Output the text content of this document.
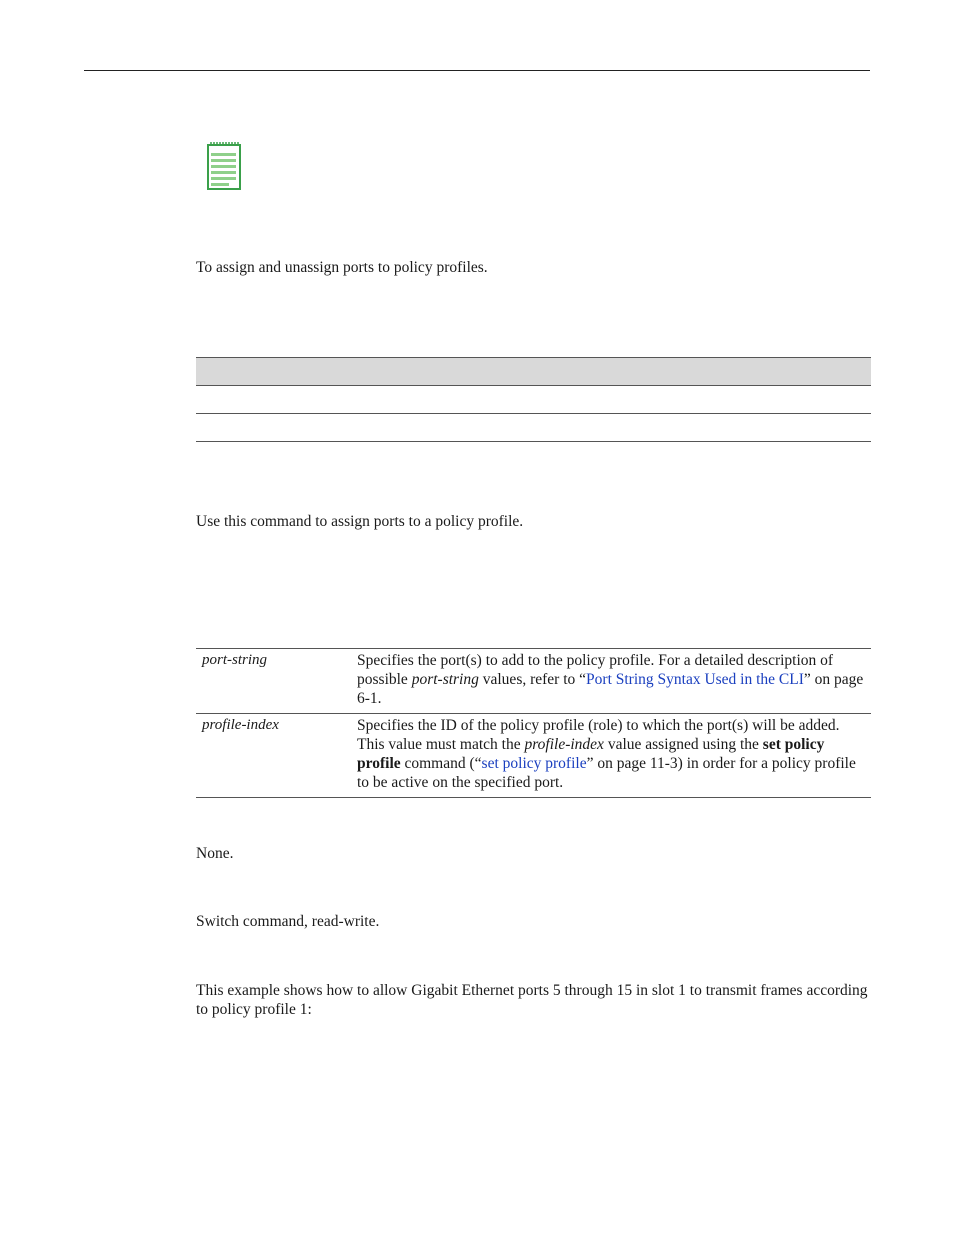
To assign and unassign ports to policy profiles.
Use this command to assign ports to a policy profile.
port-string	Specifies the port(s) to add to the policy profile. For a detailed description of possible port-string values, refer to “Port String Syntax Used in the CLI” on page 6-1.
profile-index	Specifies the ID of the policy profile (role) to which the port(s) will be added. This value must match the profile-index value assigned using the set policy profile command (“set policy profile” on page 11-3) in order for a policy profile to be active on the specified port.
None.
Switch command, read-write.
This example shows how to allow Gigabit Ethernet ports 5 through 15 in slot 1 to transmit frames according to policy profile 1:
